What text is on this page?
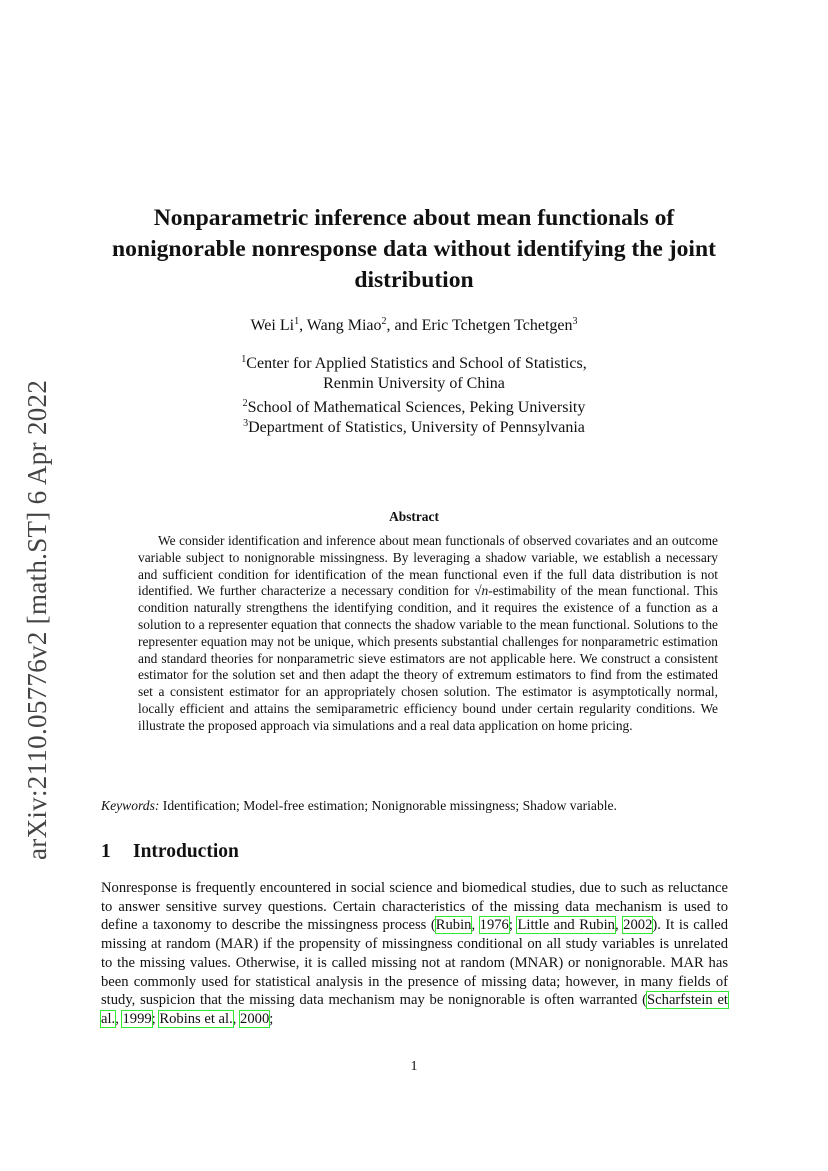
arXiv:2110.05776v2 [math.ST] 6 Apr 2022
Nonparametric inference about mean functionals of nonignorable nonresponse data without identifying the joint distribution
Wei Li$^1$, Wang Miao$^2$, and Eric Tchetgen Tchetgen$^3$
$^1$Center for Applied Statistics and School of Statistics,
Renmin University of China
$^2$School of Mathematical Sciences, Peking University
$^3$Department of Statistics, University of Pennsylvania
Abstract

We consider identification and inference about mean functionals of observed covariates and an outcome variable subject to nonignorable missingness. By leveraging a shadow variable, we establish a necessary and sufficient condition for identification of the mean functional even if the full data distribution is not identified. We further characterize a necessary condition for √n-estimability of the mean functional. This condition naturally strengthens the identifying condition, and it requires the existence of a function as a solution to a representer equation that connects the shadow variable to the mean functional. Solutions to the representer equation may not be unique, which presents substantial challenges for nonparametric estimation and standard theories for nonparametric sieve estimators are not applicable here. We construct a consistent estimator for the solution set and then adapt the theory of extremum estimators to find from the estimated set a consistent estimator for an appropriately chosen solution. The estimator is asymptotically normal, locally efficient and attains the semiparametric efficiency bound under certain regularity conditions. We illustrate the proposed approach via simulations and a real data application on home pricing.

Keywords: Identification; Model-free estimation; Nonignorable missingness; Shadow variable.
1 Introduction

Nonresponse is frequently encountered in social science and biomedical studies, due to such as reluctance to answer sensitive survey questions. Certain characteristics of the missing data mechanism is used to define a taxonomy to describe the missingness process (Rubin, 1976; Little and Rubin, 2002). It is called missing at random (MAR) if the propensity of missingness conditional on all study variables is unrelated to the missing values. Otherwise, it is called missing not at random (MNAR) or nonignorable. MAR has been commonly used for statistical analysis in the presence of missing data; however, in many fields of study, suspicion that the missing data mechanism may be nonignorable is often warranted (Scharfstein et al., 1999; Robins et al., 2000;

1
